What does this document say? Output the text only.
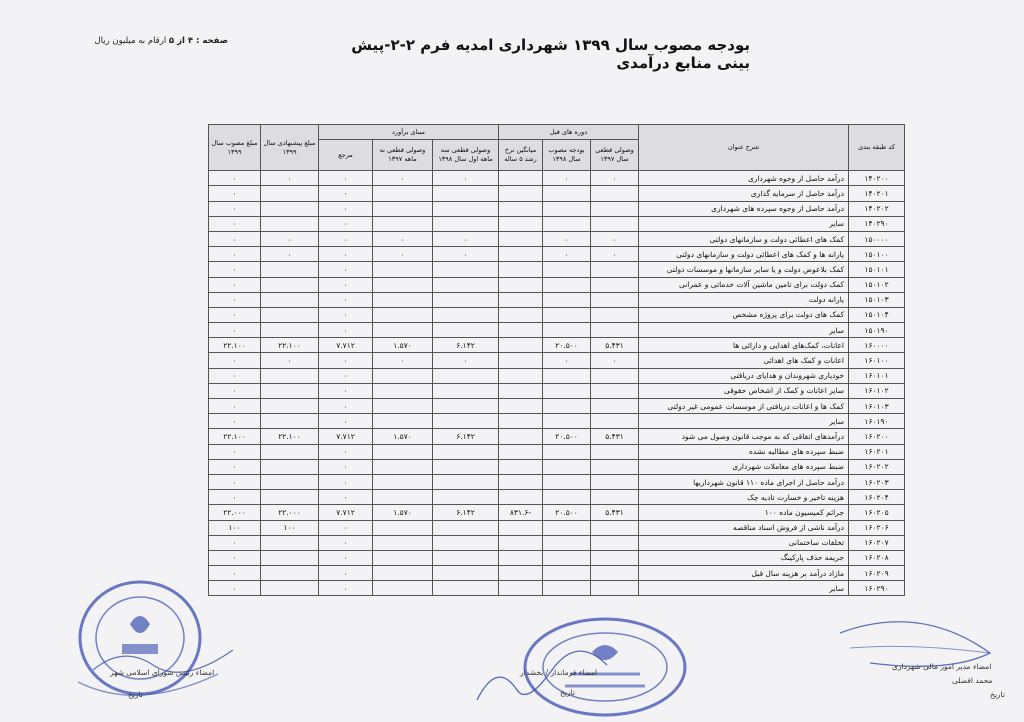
بودجه مصوب سال ۱۳۹۹ شهرداری امدیه فرم ۲-۲-پیش بینی منابع درآمدی
صفحه : ۴ از ۵ ارقام به میلیون ریال
کد طبقه بندی	شرح عنوان	دوره های قبل			مبنای برآورد			مبلغ پیشنهادی سال ۱۳۹۹	مبلغ مصوب سال ۱۳۹۹
		وصولی قطعی سال ۱۳۹۷	بودجه مصوب سال ۱۳۹۸	میانگین نرخ رشد ۵ ساله	وصولی قطعی سه ماهه اول سال ۱۳۹۸	وصولی قطعی نه ماهه ۱۳۹۷	مرجع		
۱۴۰۲۰۰	درآمد حاصل از وجوه شهرداری	۰	۰		۰	۰	۰	۰	۰
۱۴۰۲۰۱	درآمد حاصل از سرمایه گذاری						۰		۰
۱۴۰۲۰۲	درآمد حاصل از وجوه سپرده های شهرداری						۰		۰
۱۴۰۲۹۰	سایر						۰		۰
۱۵۰۰۰۰	کمک های اعطائی دولت و سازمانهای دولتی	۰	۰		۰	۰	۰	۰	۰
۱۵۰۱۰۰	یارانه ها و کمک های اعطائی دولت و سازمانهای دولتی	۰	۰		۰	۰	۰	۰	۰
۱۵۰۱۰۱	کمک بلاعوض دولت و یا سایر سازمانها و موسسات دولتی						۰		۰
۱۵۰۱۰۲	کمک دولت برای تامین ماشین آلات خدماتی و عمرانی						۰		۰
۱۵۰۱۰۳	یارانه دولت						۰		۰
۱۵۰۱۰۴	کمک های دولت برای پروژه مشخص						۰		۰
۱۵۰۱۹۰	سایر						۰		۰
۱۶۰۰۰۰	اعانات، کمک‌های اهدایی و دارائی ها	۵.۴۳۱	۲۰.۵۰۰		۶.۱۴۲	۱.۵۷۰	۷.۷۱۲	۲۲.۱۰۰	۲۲.۱۰۰
۱۶۰۱۰۰	اعانات و کمک های اهدائی	۰	۰		۰	۰	۰	۰	۰
۱۶۰۱۰۱	خودیاری شهروندان و هدایای دریافتی						۰		۰
۱۶۰۱۰۲	سایر اعانات و کمک از اشخاص حقوقی						۰		۰
۱۶۰۱۰۳	کمک ها و اعانات دریافتی از موسسات عمومی غیر دولتی						۰		۰
۱۶۰۱۹۰	سایر						۰		۰
۱۶۰۲۰۰	درآمدهای اتفاقی که به موجب قانون وصول می شود	۵.۴۳۱	۲۰.۵۰۰		۶.۱۴۲	۱.۵۷۰	۷.۷۱۲	۲۲.۱۰۰	۲۲.۱۰۰
۱۶۰۲۰۱	ضبط سپرده های مطالبه نشده						۰		۰
۱۶۰۲۰۲	ضبط سپرده های معاملات شهرداری						۰		۰
۱۶۰۲۰۳	درآمد حاصل از اجرای ماده ۱۱۰ قانون شهرداریها						۰		۰
۱۶۰۲۰۴	هزینه تاخیر و خسارت تادیه چک						۰		۰
۱۶۰۲۰۵	جرائم کمیسیون ماده ۱۰۰	۵.۴۳۱	۲۰.۵۰۰	-۸۳۱.۶	۶.۱۴۲	۱.۵۷۰	۷.۷۱۲	۲۲.۰۰۰	۲۲.۰۰۰
۱۶۰۲۰۶	درآمد ناشی از فروش اسناد مناقصه						۰	۱۰۰	۱۰۰
۱۶۰۲۰۷	تخلفات ساختمانی						۰		۰
۱۶۰۲۰۸	جریمه حذف پارکینگ						۰		۰
۱۶۰۲۰۹	مازاد درآمد بر هزینه سال قبل						۰		۰
۱۶۰۲۹۰	سایر						۰		۰
امضاء رئیس شورای اسلامی شهر
تاریخ
امضاء فرماندار / بخشدار
تاریخ
امضاء مدیر امور مالی شهرداری
محمد افضلی
تاریخ
